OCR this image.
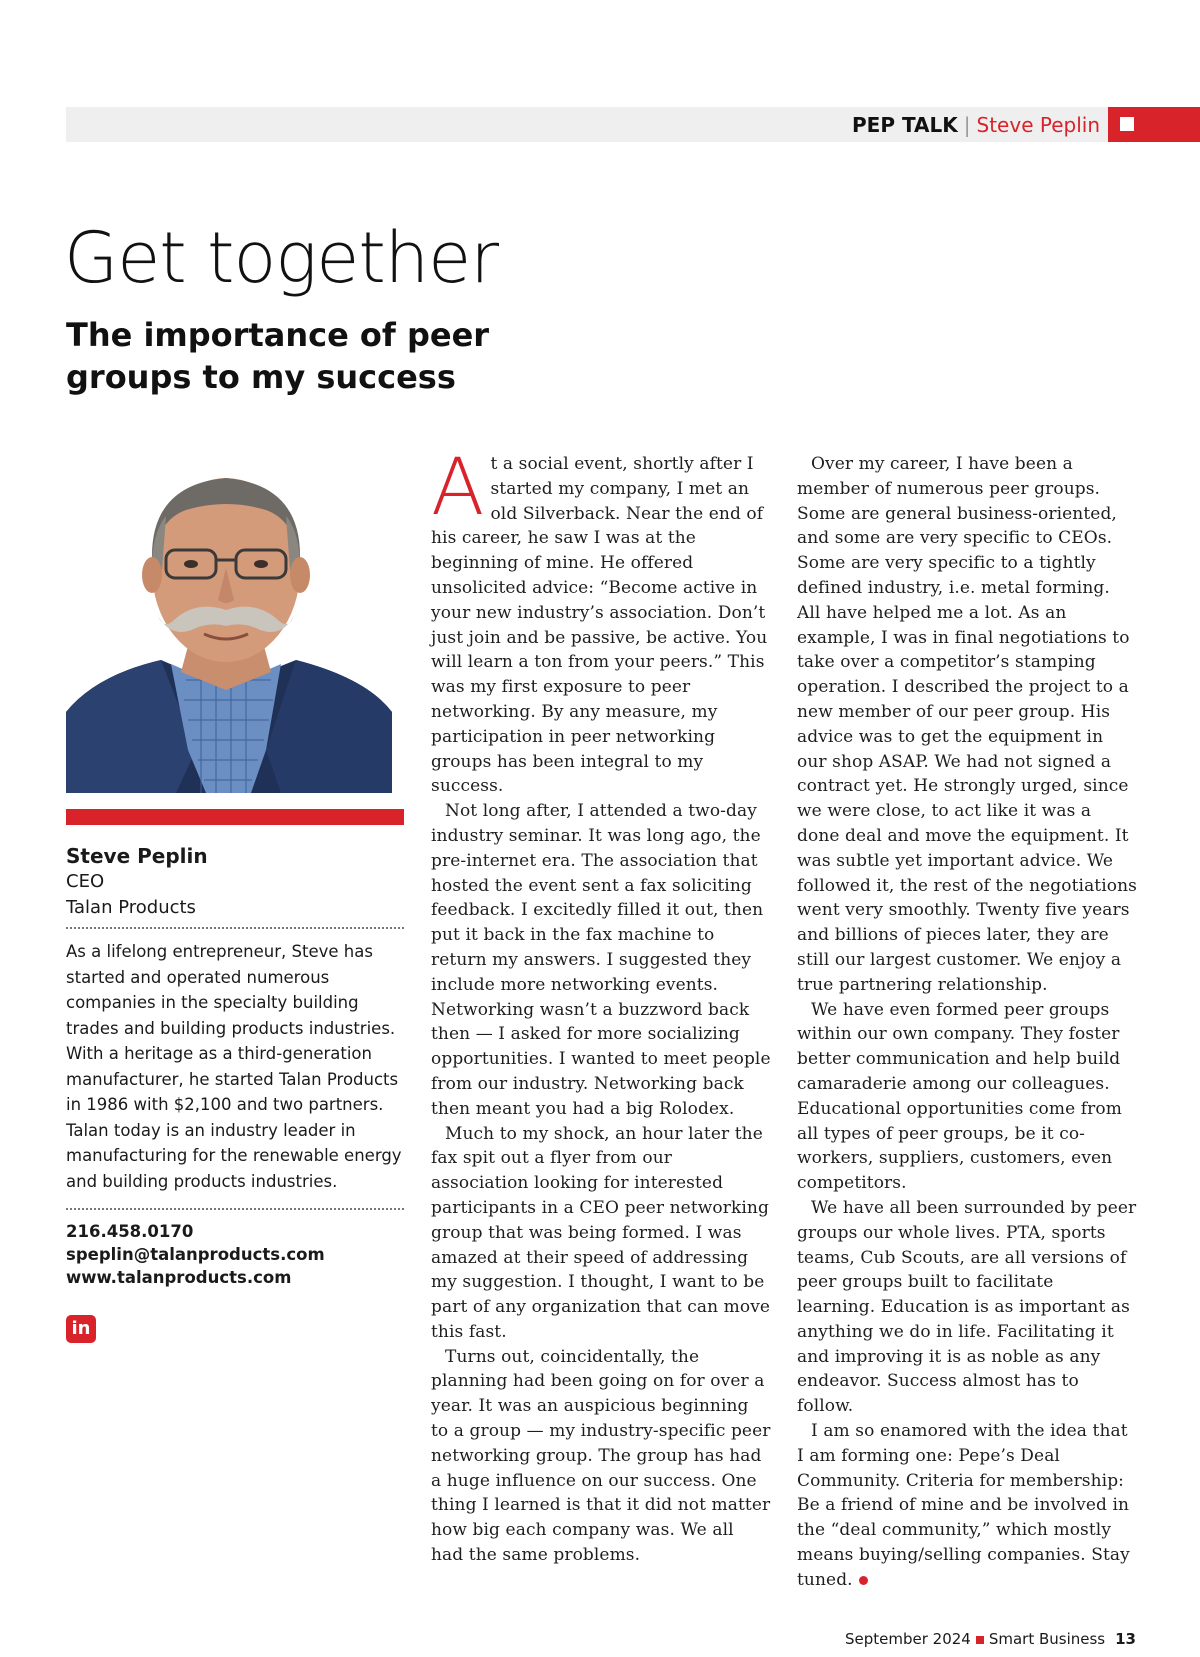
PEP TALK | Steve Peplin
Get together
The importance of peer groups to my success
Steve Peplin
CEO
Talan Products
As a lifelong entrepreneur, Steve has started and operated numerous companies in the specialty building trades and building products industries. With a heritage as a third-generation manufacturer, he started Talan Products in 1986 with $2,100 and two partners. Talan today is an industry leader in manufacturing for the renewable energy and building products industries.
216.458.0170
speplin@talanproducts.com
www.talanproducts.com
in

At a social event, shortly after I started my company, I met an old Silverback. Near the end of his career, he saw I was at the beginning of mine. He offered unsolicited advice: “Become active in your new industry’s association. Don’t just join and be passive, be active. You will learn a ton from your peers.” This was my first exposure to peer networking. By any measure, my participation in peer networking groups has been integral to my success.

Not long after, I attended a two-day industry seminar. It was long ago, the pre-internet era. The association that hosted the event sent a fax soliciting feedback. I excitedly filled it out, then put it back in the fax machine to return my answers. I suggested they include more networking events. Networking wasn’t a buzzword back then — I asked for more socializing opportunities. I wanted to meet people from our industry. Networking back then meant you had a big Rolodex.

Much to my shock, an hour later the fax spit out a flyer from our association looking for interested participants in a CEO peer networking group that was being formed. I was amazed at their speed of addressing my suggestion. I thought, I want to be part of any organization that can move this fast.

Turns out, coincidentally, the planning had been going on for over a year. It was an auspicious beginning to a group — my industry-specific peer networking group. The group has had a huge influence on our success. One thing I learned is that it did not matter how big each company was. We all had the same problems.

Over my career, I have been a member of numerous peer groups. Some are general business-oriented, and some are very specific to CEOs. Some are very specific to a tightly defined industry, i.e. metal forming. All have helped me a lot. As an example, I was in final negotiations to take over a competitor’s stamping operation. I described the project to a new member of our peer group. His advice was to get the equipment in our shop ASAP. We had not signed a contract yet. He strongly urged, since we were close, to act like it was a done deal and move the equipment. It was subtle yet important advice. We followed it, the rest of the negotiations went very smoothly. Twenty five years and billions of pieces later, they are still our largest customer. We enjoy a true partnering relationship.

We have even formed peer groups within our own company. They foster better communication and help build camaraderie among our colleagues. Educational opportunities come from all types of peer groups, be it co-workers, suppliers, customers, even competitors.

We have all been surrounded by peer groups our whole lives. PTA, sports teams, Cub Scouts, are all versions of peer groups built to facilitate learning. Education is as important as anything we do in life. Facilitating it and improving it is as noble as any endeavor. Success almost has to follow.

I am so enamored with the idea that I am forming one: Pepe’s Deal Community. Criteria for membership: Be a friend of mine and be involved in the “deal community,” which mostly means buying/selling companies. Stay tuned.

September 2024 Smart Business 13
